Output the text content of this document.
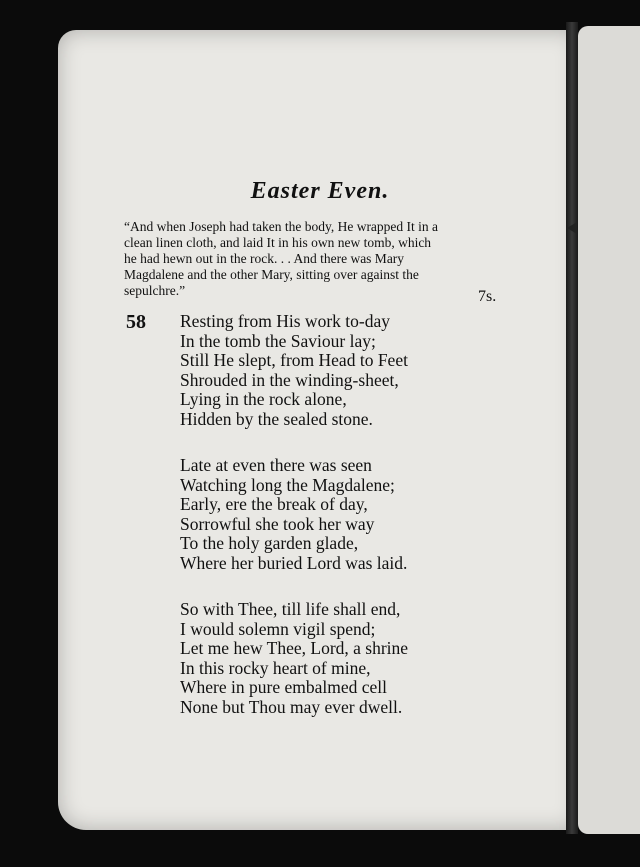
Easter Even.
“And when Joseph had taken the body, He wrapped It in a
clean linen cloth, and laid It in his own new tomb, which
he had hewn out in the rock. . . And there was Mary
Magdalene and the other Mary, sitting over against the
sepulchre.”	7s.
58 Resting from His work to-day
In the tomb the Saviour lay;
Still He slept, from Head to Feet
Shrouded in the winding-sheet,
Lying in the rock alone,
Hidden by the sealed stone.
Late at even there was seen
Watching long the Magdalene;
Early, ere the break of day,
Sorrowful she took her way
To the holy garden glade,
Where her buried Lord was laid.
So with Thee, till life shall end,
I would solemn vigil spend;
Let me hew Thee, Lord, a shrine
In this rocky heart of mine,
Where in pure embalmed cell
None but Thou may ever dwell.
